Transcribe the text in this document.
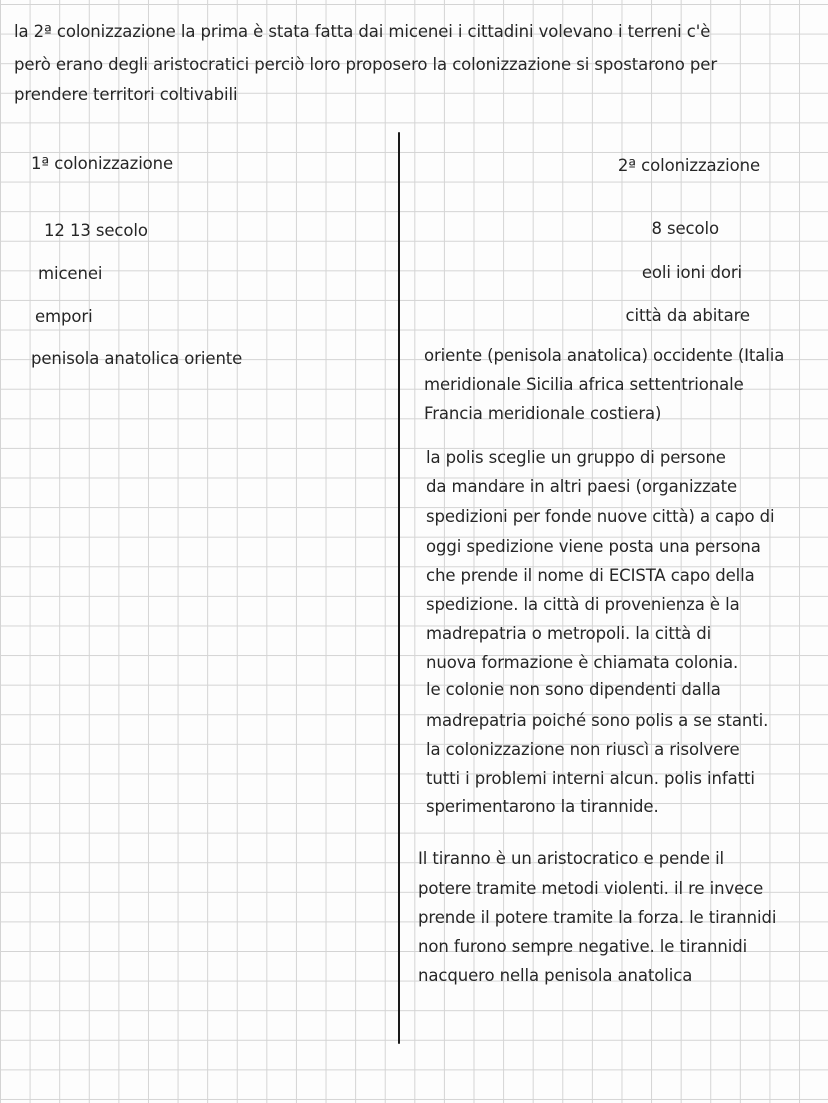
la 2ª colonizzazione la prima è stata fatta dai micenei i cittadini volevano i terreni c'è
però erano degli aristocratici perciò loro proposero la colonizzazione si spostarono per
prendere territori coltivabili
1ª colonizzazione
12 13 secolo
micenei
empori
penisola anatolica oriente
2ª colonizzazione
8 secolo
eoli ioni dori
città da abitare
oriente (penisola anatolica) occidente (Italia
meridionale Sicilia africa settentrionale
Francia meridionale costiera)
la polis sceglie un gruppo di persone
da mandare in altri paesi (organizzate
spedizioni per fonde nuove città) a capo di
oggi spedizione viene posta una persona
che prende il nome di ECISTA capo della
spedizione. la città di provenienza è la
madrepatria o metropoli. la città di
nuova formazione è chiamata colonia.
le colonie non sono dipendenti dalla
madrepatria poiché sono polis a se stanti.
la colonizzazione non riuscì a risolvere
tutti i problemi interni alcun. polis infatti
sperimentarono la tirannide.
Il tiranno è un aristocratico e pende il
potere tramite metodi violenti. il re invece
prende il potere tramite la forza. le tirannidi
non furono sempre negative. le tirannidi
nacquero nella penisola anatolica
